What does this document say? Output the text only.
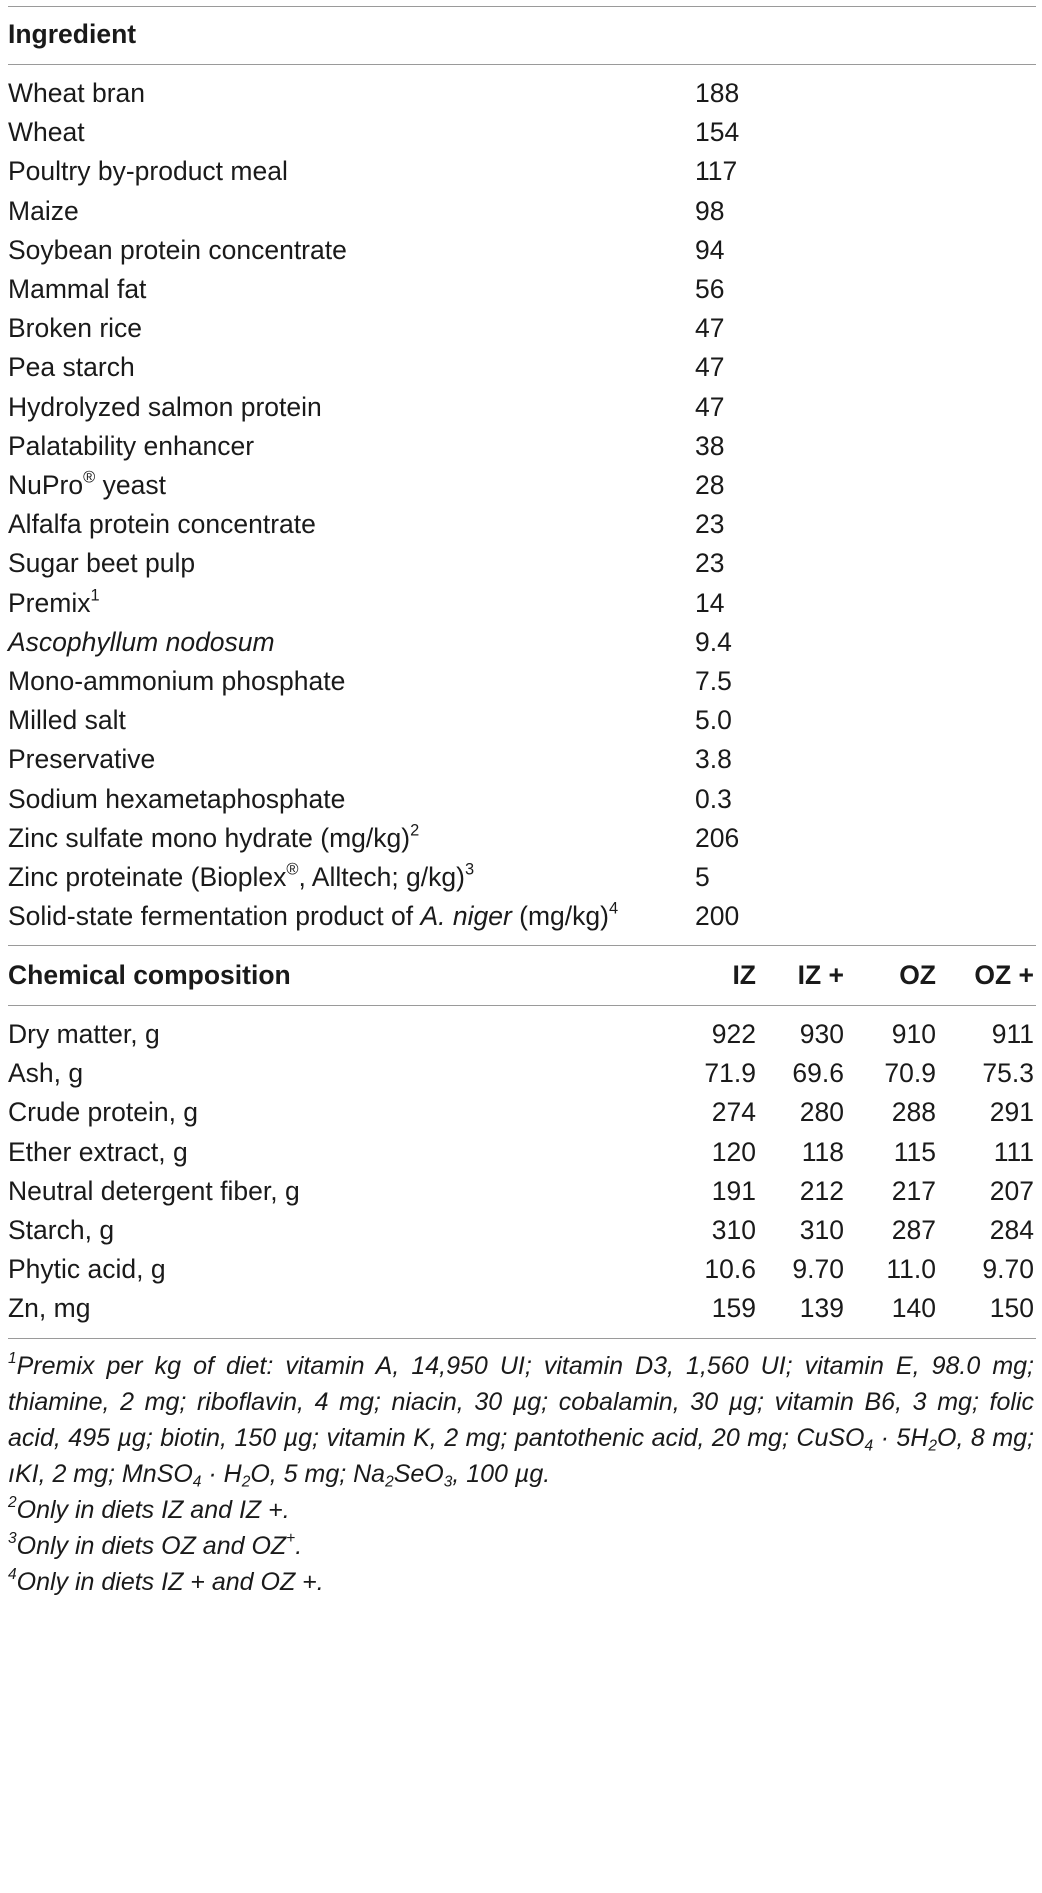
Ingredient
Wheat bran	188
Wheat	154
Poultry by-product meal	117
Maize	98
Soybean protein concentrate	94
Mammal fat	56
Broken rice	47
Pea starch	47
Hydrolyzed salmon protein	47
Palatability enhancer	38
NuPro® yeast	28
Alfalfa protein concentrate	23
Sugar beet pulp	23
Premix$^1$	14
Ascophyllum nodosum	9.4
Mono-ammonium phosphate	7.5
Milled salt	5.0
Preservative	3.8
Sodium hexametaphosphate	0.3
Zinc sulfate mono hydrate $(mg/kg)^2$	206
Zinc proteinate (Bioplex®, Alltech; g/kg)$^3$	5
Solid-state fermentation product of A. niger $(mg/kg)^4$	200
Chemical composition	IZ	IZ +	OZ	OZ +
Dry matter, g	922	930	910	911
Ash, g	71.9	69.6	70.9	75.3
Crude protein, g	274	280	288	291
Ether extract, g	120	118	115	111
Neutral detergent fiber, g	191	212	217	207
Starch, g	310	310	287	284
Phytic acid, g	10.6	9.70	11.0	9.70
Zn, mg	159	139	140	150

$^1$Premix per kg of diet: vitamin A, 14,950 UI; vitamin D3, 1,560 UI; vitamin E, 98.0 mg; thiamine, 2 mg; riboflavin, 4 mg; niacin, 30 µg; cobalamin, 30 µg; vitamin B6, 3 mg; folic acid, 495 µg; biotin, 150 µg; vitamin K, 2 mg; pantothenic acid, 20 mg; CuSO$_4$ · $5H_2O$, 8 mg; ıKI, 2 mg; MnSO$_4$ · $H_2O$, 5 mg; $Na_2SeO_3$, 100 µg.

$^2$Only in diets IZ and IZ +.

$^3$Only in diets OZ and OZ+.

$^4$Only in diets IZ + and OZ +.
